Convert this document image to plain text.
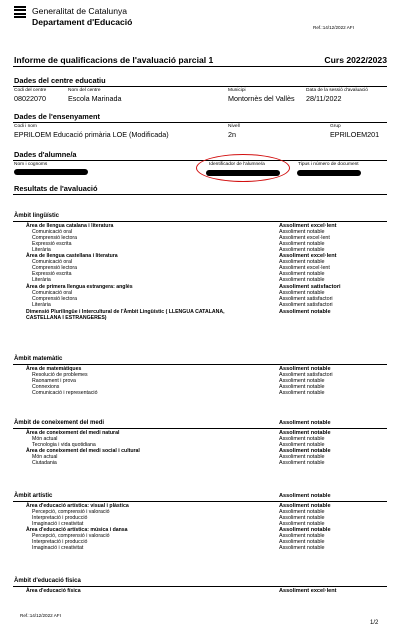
Generalitat de Catalunya
Departament d'Educació
Ref.:14/12/2022 AFI
Informe de qualificacions de l'avaluació parcial 1	Curs 2022/2023
Dades del centre educatiu
Codi del centre
08022070
Nom del centre
Escola Marinada
Municipi
Montornès del Vallès
Data de la sessió d'avaluació
28/11/2022
Dades de l'ensenyament
Codi i nom
EPRILOEM Educació primària LOE (Modificada)
Nivell
2n
Grup
EPRILOEM201
Dades d'alumne/a
Nom i cognoms	Identificador de l'alumne/a	Tipus i número de document
Resultats de l'avaluació
Àmbit lingüístic
Àrea de llengua catalana i literatura	Assoliment excel·lent
Comunicació oral	Assoliment notable
Comprensió lectora	Assoliment excel·lent
Expressió escrita	Assoliment notable
Literària	Assoliment notable
Àrea de llengua castellana i literatura	Assoliment excel·lent
Comunicació oral	Assoliment notable
Comprensió lectora	Assoliment excel·lent
Expressió escrita	Assoliment notable
Literària	Assoliment notable
Àrea de primera llengua estrangera: anglès	Assoliment satisfactori
Comunicació oral	Assoliment notable
Comprensió lectora	Assoliment satisfactori
Literària	Assoliment satisfactori
Dimensió Plurilingüe i Intercultural de l'Àmbit Lingüístic ( LLENGUA CATALANA,	Assoliment notable
CASTELLANA I ESTRANGERES)
Àmbit matemàtic
Àrea de matemàtiques	Assoliment notable
Resolució de problemes	Assoliment satisfactori
Raonament i prova	Assoliment notable
Connexions	Assoliment notable
Comunicació i representació	Assoliment notable
Àmbit de coneixement del medi	Assoliment notable
Àrea de coneixement del medi natural	Assoliment notable
Món actual	Assoliment notable
Tecnologia i vida quotidiana	Assoliment notable
Àrea de coneixement del medi social i cultural	Assoliment notable
Món actual	Assoliment notable
Ciutadania	Assoliment notable
Àmbit artístic	Assoliment notable
Àrea d'educació artística: visual i plàstica	Assoliment notable
Percepció, comprensió i valoració	Assoliment notable
Interpretació i producció	Assoliment notable
Imaginació i creativitat	Assoliment notable
Àrea d'educació artística: música i dansa	Assoliment notable
Percepció, comprensió i valoració	Assoliment notable
Interpretació i producció	Assoliment notable
Imaginació i creativitat	Assoliment notable
Àmbit d'educació física
Àrea d'educació física	Assoliment excel·lent
Ref.:14/12/2022 AFI
1/2
